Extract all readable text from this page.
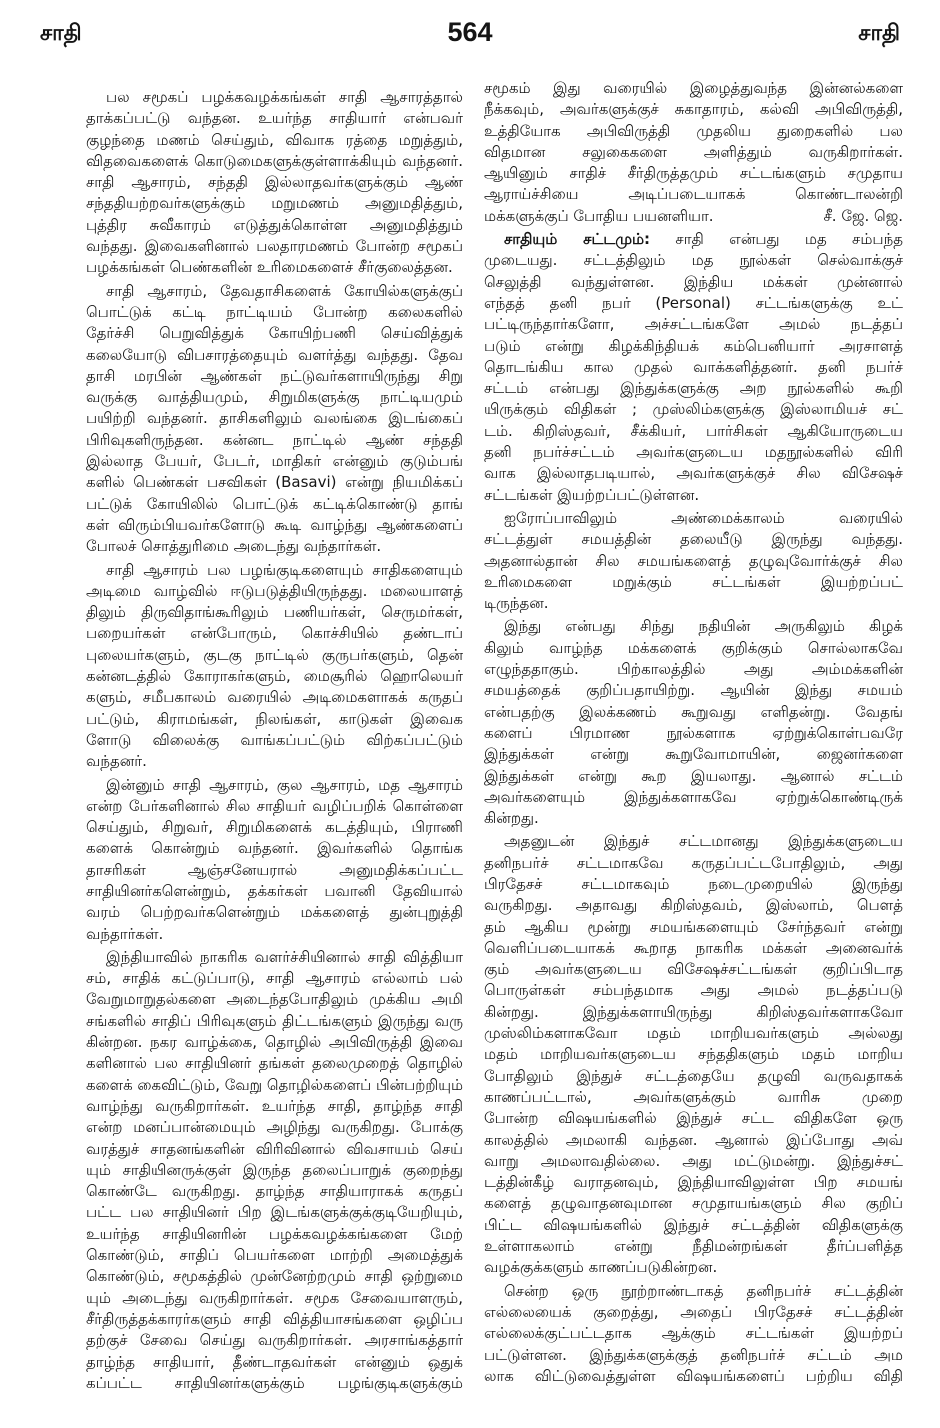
சாதி	564	சாதி
பல சமூகப் பழக்கவழக்கங்கள் சாதி ஆசாரத்தால்
தாக்கப்பட்டு வந்தன. உயர்ந்த சாதியார் என்பவர்
குழந்தை மணம் செய்தும், விவாக ரத்தை மறுத்தும்,
விதவைகளைக் கொடுமைகளுக்குள்ளாக்கியும் வந்தனர்.
சாதி ஆசாரம், சந்ததி இல்லாதவர்களுக்கும் ஆண்
சந்ததியற்றவர்களுக்கும் மறுமணம் அனுமதித்தும்,
புத்திர சுவீகாரம் எடுத்துக்கொள்ள அனுமதித்தும்
வந்தது. இவைகளினால் பலதாரமணம் போன்ற சமூகப்
பழக்கங்கள் பெண்களின் உரிமைகளைச் சீர்குலைத்தன.
சாதி ஆசாரம், தேவதாசிகளைக் கோயில்களுக்குப்
பொட்டுக் கட்டி நாட்டியம் போன்ற கலைகளில்
தேர்ச்சி பெறுவித்துக் கோயிற்பணி செய்வித்துக்
கலையோடு விபசாரத்தையும் வளர்த்து வந்தது. தேவ
தாசி மரபின் ஆண்கள் நட்டுவர்களாயிருந்து சிறு
வருக்கு வாத்தியமும், சிறுமிகளுக்கு நாட்டியமும்
பயிற்றி வந்தனர். தாசிகளிலும் வலங்கை இடங்கைப்
பிரிவுகளிருந்தன. கன்னட நாட்டில் ஆண் சந்ததி
இல்லாத பேயர், பேடர், மாதிகர் என்னும் குடும்பங்
களில் பெண்கள் பசவிகள் (Basavi) என்று நியமிக்கப்
பட்டுக் கோயிலில் பொட்டுக் கட்டிக்கொண்டு தாங்
கள் விரும்பியவர்களோடு கூடி வாழ்ந்து ஆண்களைப்
போலச் சொத்துரிமை அடைந்து வந்தார்கள்.
சாதி ஆசாரம் பல பழங்குடிகளையும் சாதிகளையும்
அடிமை வாழ்வில் ஈடுபடுத்தியிருந்தது. மலையாளத்
திலும் திருவிதாங்கூரிலும் பணியர்கள், செருமர்கள்,
பறையர்கள் என்போரும், கொச்சியில் தண்டாப்
புலையர்களும், குடகு நாட்டில் குருபர்களும், தென்
கன்னடத்தில் கோராகர்களும், மைசூரில் ஹொலெயர்
களும், சமீபகாலம் வரையில் அடிமைகளாகக் கருதப்
பட்டும், கிராமங்கள், நிலங்கள், காடுகள் இவைக
ளோடு விலைக்கு வாங்கப்பட்டும் விற்கப்பட்டும்
வந்தனர்.
இன்னும் சாதி ஆசாரம், குல ஆசாரம், மத ஆசாரம்
என்ற பேர்களினால் சில சாதியர் வழிப்பறிக் கொள்ளை
செய்தும், சிறுவர், சிறுமிகளைக் கடத்தியும், பிராணி
களைக் கொன்றும் வந்தனர். இவர்களில் தொங்க
தாசரிகள் ஆஞ்சனேயரால் அனுமதிக்கப்பட்ட
சாதியினர்களென்றும், தக்கர்கள் பவானி தேவியால்
வரம் பெற்றவர்களென்றும் மக்களைத் துன்புறுத்தி
வந்தார்கள்.
இந்தியாவில் நாகரிக வளர்ச்சியினால் சாதி வித்தியா
சம், சாதிக் கட்டுப்பாடு, சாதி ஆசாரம் எல்லாம் பல்
வேறுமாறுதல்களை அடைந்தபோதிலும் முக்கிய அமி
சங்களில் சாதிப் பிரிவுகளும் திட்டங்களும் இருந்து வரு
கின்றன. நகர வாழ்க்கை, தொழில் அபிவிருத்தி இவை
களினால் பல சாதியினர் தங்கள் தலைமுறைத் தொழில்
களைக் கைவிட்டும், வேறு தொழில்களைப் பின்பற்றியும்
வாழ்ந்து வருகிறார்கள். உயர்ந்த சாதி, தாழ்ந்த சாதி
என்ற மனப்பான்மையும் அழிந்து வருகிறது. போக்கு
வரத்துச் சாதனங்களின் விரிவினால் விவசாயம் செய்
யும் சாதியினருக்குள் இருந்த தலைப்பாறுக் குறைந்து
கொண்டே வருகிறது. தாழ்ந்த சாதியாராகக் கருதப்
பட்ட பல சாதியினர் பிற இடங்களுக்குக்குடியேறியும்,
உயர்ந்த சாதியினரின் பழக்கவழக்கங்களை மேற்
கொண்டும், சாதிப் பெயர்களை மாற்றி அமைத்துக்
கொண்டும், சமூகத்தில் முன்னேற்றமும் சாதி ஒற்றுமை
யும் அடைந்து வருகிறார்கள். சமூக சேவையாளரும்,
சீர்திருத்தக்காரர்களும் சாதி வித்தியாசங்களை ஒழிப்ப
தற்குச் சேவை செய்து வருகிறார்கள். அரசாங்கத்தார்
தாழ்ந்த சாதியார், தீண்டாதவர்கள் என்னும் ஒதுக்
கப்பட்ட சாதியினர்களுக்கும் பழங்குடிகளுக்கும்
சமூகம் இது வரையில் இழைத்துவந்த இன்னல்களை
நீக்கவும், அவர்களுக்குச் சுகாதாரம், கல்வி அபிவிருத்தி,
உத்தியோக அபிவிருத்தி முதலிய துறைகளில் பல
விதமான சலுகைகளை அளித்தும் வருகிறார்கள்.
ஆயினும் சாதிச் சீர்திருத்தமும் சட்டங்களும் சமுதாய
ஆராய்ச்சியை அடிப்படையாகக் கொண்டாலன்றி
மக்களுக்குப் போதிய பயனளியா.	சீ. ஜே. ஜெ.
சாதியும் சட்டமும்: சாதி என்பது மத சம்பந்த
முடையது. சட்டத்திலும் மத நூல்கள் செல்வாக்குச்
செலுத்தி வந்துள்ளன. இந்திய மக்கள் முன்னால்
எந்தத் தனி நபர் (Personal) சட்டங்களுக்கு உட்
பட்டிருந்தார்களோ, அச்சட்டங்களே அமல் நடத்தப்
படும் என்று கிழக்கிந்தியக் கம்பெனியார் அரசாளத்
தொடங்கிய கால முதல் வாக்களித்தனர். தனி நபர்ச்
சட்டம் என்பது இந்துக்களுக்கு அற நூல்களில் கூறி
யிருக்கும் விதிகள் ; முஸ்லிம்களுக்கு இஸ்லாமியச் சட்
டம். கிறிஸ்தவர், சீக்கியர், பார்சிகள் ஆகியோருடைய
தனி நபர்ச்சட்டம் அவர்களுடைய மதநூல்களில் விரி
வாக இல்லாதபடியால், அவர்களுக்குச் சில விசேஷச்
சட்டங்கள் இயற்றப்பட்டுள்ளன.
ஐரோப்பாவிலும் அண்மைக்காலம் வரையில்
சட்டத்துள் சமயத்தின் தலையீடு இருந்து வந்தது.
அதனால்தான் சில சமயங்களைத் தழுவுவோர்க்குச் சில
உரிமைகளை மறுக்கும் சட்டங்கள் இயற்றப்பட்
டிருந்தன.
இந்து என்பது சிந்து நதியின் அருகிலும் கிழக்
கிலும் வாழ்ந்த மக்களைக் குறிக்கும் சொல்லாகவே
எழுந்ததாகும். பிற்காலத்தில் அது அம்மக்களின்
சமயத்தைக் குறிப்பதாயிற்று. ஆயின் இந்து சமயம்
என்பதற்கு இலக்கணம் கூறுவது எளிதன்று. வேதங்
களைப் பிரமாண நூல்களாக ஏற்றுக்கொள்பவரே
இந்துக்கள் என்று கூறுவோமாயின், ஜைனர்களை
இந்துக்கள் என்று கூற இயலாது. ஆனால் சட்டம்
அவர்களையும் இந்துக்களாகவே ஏற்றுக்கொண்டிருக்
கின்றது.
அதனுடன் இந்துச் சட்டமானது இந்துக்களுடைய
தனிநபர்ச் சட்டமாகவே கருதப்பட்டபோதிலும், அது
பிரதேசச் சட்டமாகவும் நடைமுறையில் இருந்து
வருகிறது. அதாவது கிறிஸ்தவம், இஸ்லாம், பௌத்
தம் ஆகிய மூன்று சமயங்களையும் சேர்ந்தவர் என்று
வெளிப்படையாகக் கூறாத நாகரிக மக்கள் அனைவர்க்
கும் அவர்களுடைய விசேஷச்சட்டங்கள் குறிப்பிடாத
பொருள்கள் சம்பந்தமாக அது அமல் நடத்தப்படு
கின்றது. இந்துக்களாயிருந்து கிறிஸ்தவர்களாகவோ
முஸ்லிம்களாகவோ மதம் மாறியவர்களும் அல்லது
மதம் மாறியவர்களுடைய சந்ததிகளும் மதம் மாறிய
போதிலும் இந்துச் சட்டத்தையே தழுவி வருவதாகக்
காணப்பட்டால், அவர்களுக்கும் வாரிசு முறை
போன்ற விஷயங்களில் இந்துச் சட்ட விதிகளே ஒரு
காலத்தில் அமலாகி வந்தன. ஆனால் இப்போது அவ்
வாறு அமலாவதில்லை. அது மட்டுமன்று. இந்துச்சட்
டத்தின்கீழ் வராதனவும், இந்தியாவிலுள்ள பிற சமயங்
களைத் தழுவாதனவுமான சமுதாயங்களும் சில குறிப்
பிட்ட விஷயங்களில் இந்துச் சட்டத்தின் விதிகளுக்கு
உள்ளாகலாம் என்று நீதிமன்றங்கள் தீர்ப்பளித்த
வழக்குக்களும் காணப்படுகின்றன.
சென்ற ஒரு நூற்றாண்டாகத் தனிநபர்ச் சட்டத்தின்
எல்லையைக் குறைத்து, அதைப் பிரதேசச் சட்டத்தின்
எல்லைக்குட்பட்டதாக ஆக்கும் சட்டங்கள் இயற்றப்
பட்டுள்ளன. இந்துக்களுக்குத் தனிநபர்ச் சட்டம் அம
லாக விட்டுவைத்துள்ள விஷயங்களைப் பற்றிய விதி
